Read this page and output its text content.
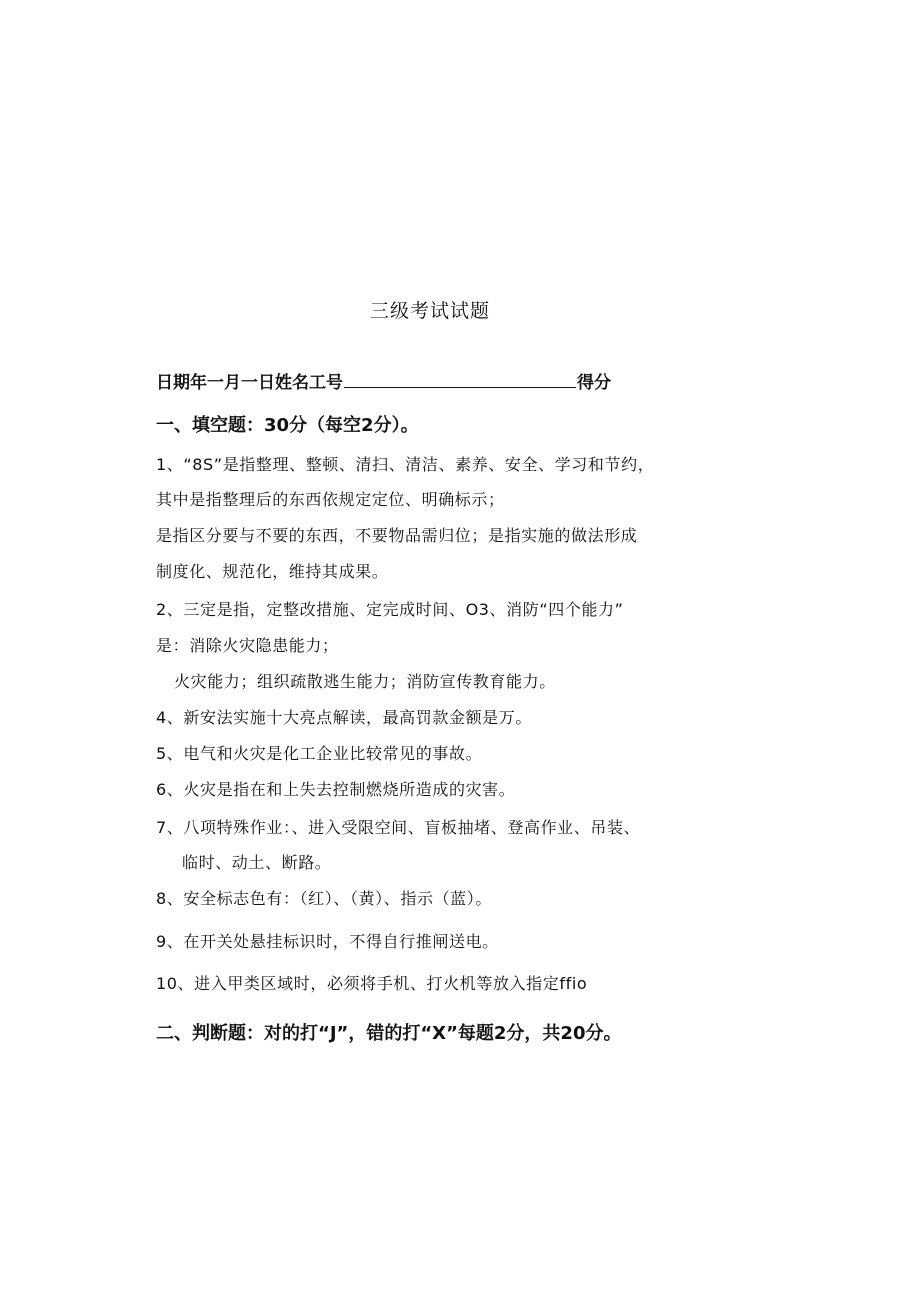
三级考试试题
日期年一月一日姓名工号	得分
一、填空题：30分（每空2分）。
1、“8S”是指整理、整顿、清扫、清洁、素养、安全、学习和节约，
其中是指整理后的东西依规定定位、明确标示；
是指区分要与不要的东西，不要物品需归位；是指实施的做法形成
制度化、规范化，维持其成果。
2、三定是指，定整改措施、定完成时间、O3、消防“四个能力”
是：消除火灾隐患能力；
火灾能力；组织疏散逃生能力；消防宣传教育能力。
4、新安法实施十大亮点解读，最高罚款金额是万。
5、电气和火灾是化工企业比较常见的事故。
6、火灾是指在和上失去控制燃烧所造成的灾害。
7、八项特殊作业：、进入受限空间、盲板抽堵、登高作业、吊装、
临时、动土、断路。
8、安全标志色有：（红）、（黄）、指示（蓝）。
9、在开关处悬挂标识时，不得自行推闸送电。
10、进入甲类区域时，必须将手机、打火机等放入指定ffio
二、判断题：对的打“J”，错的打“X”每题2分，共20分。
